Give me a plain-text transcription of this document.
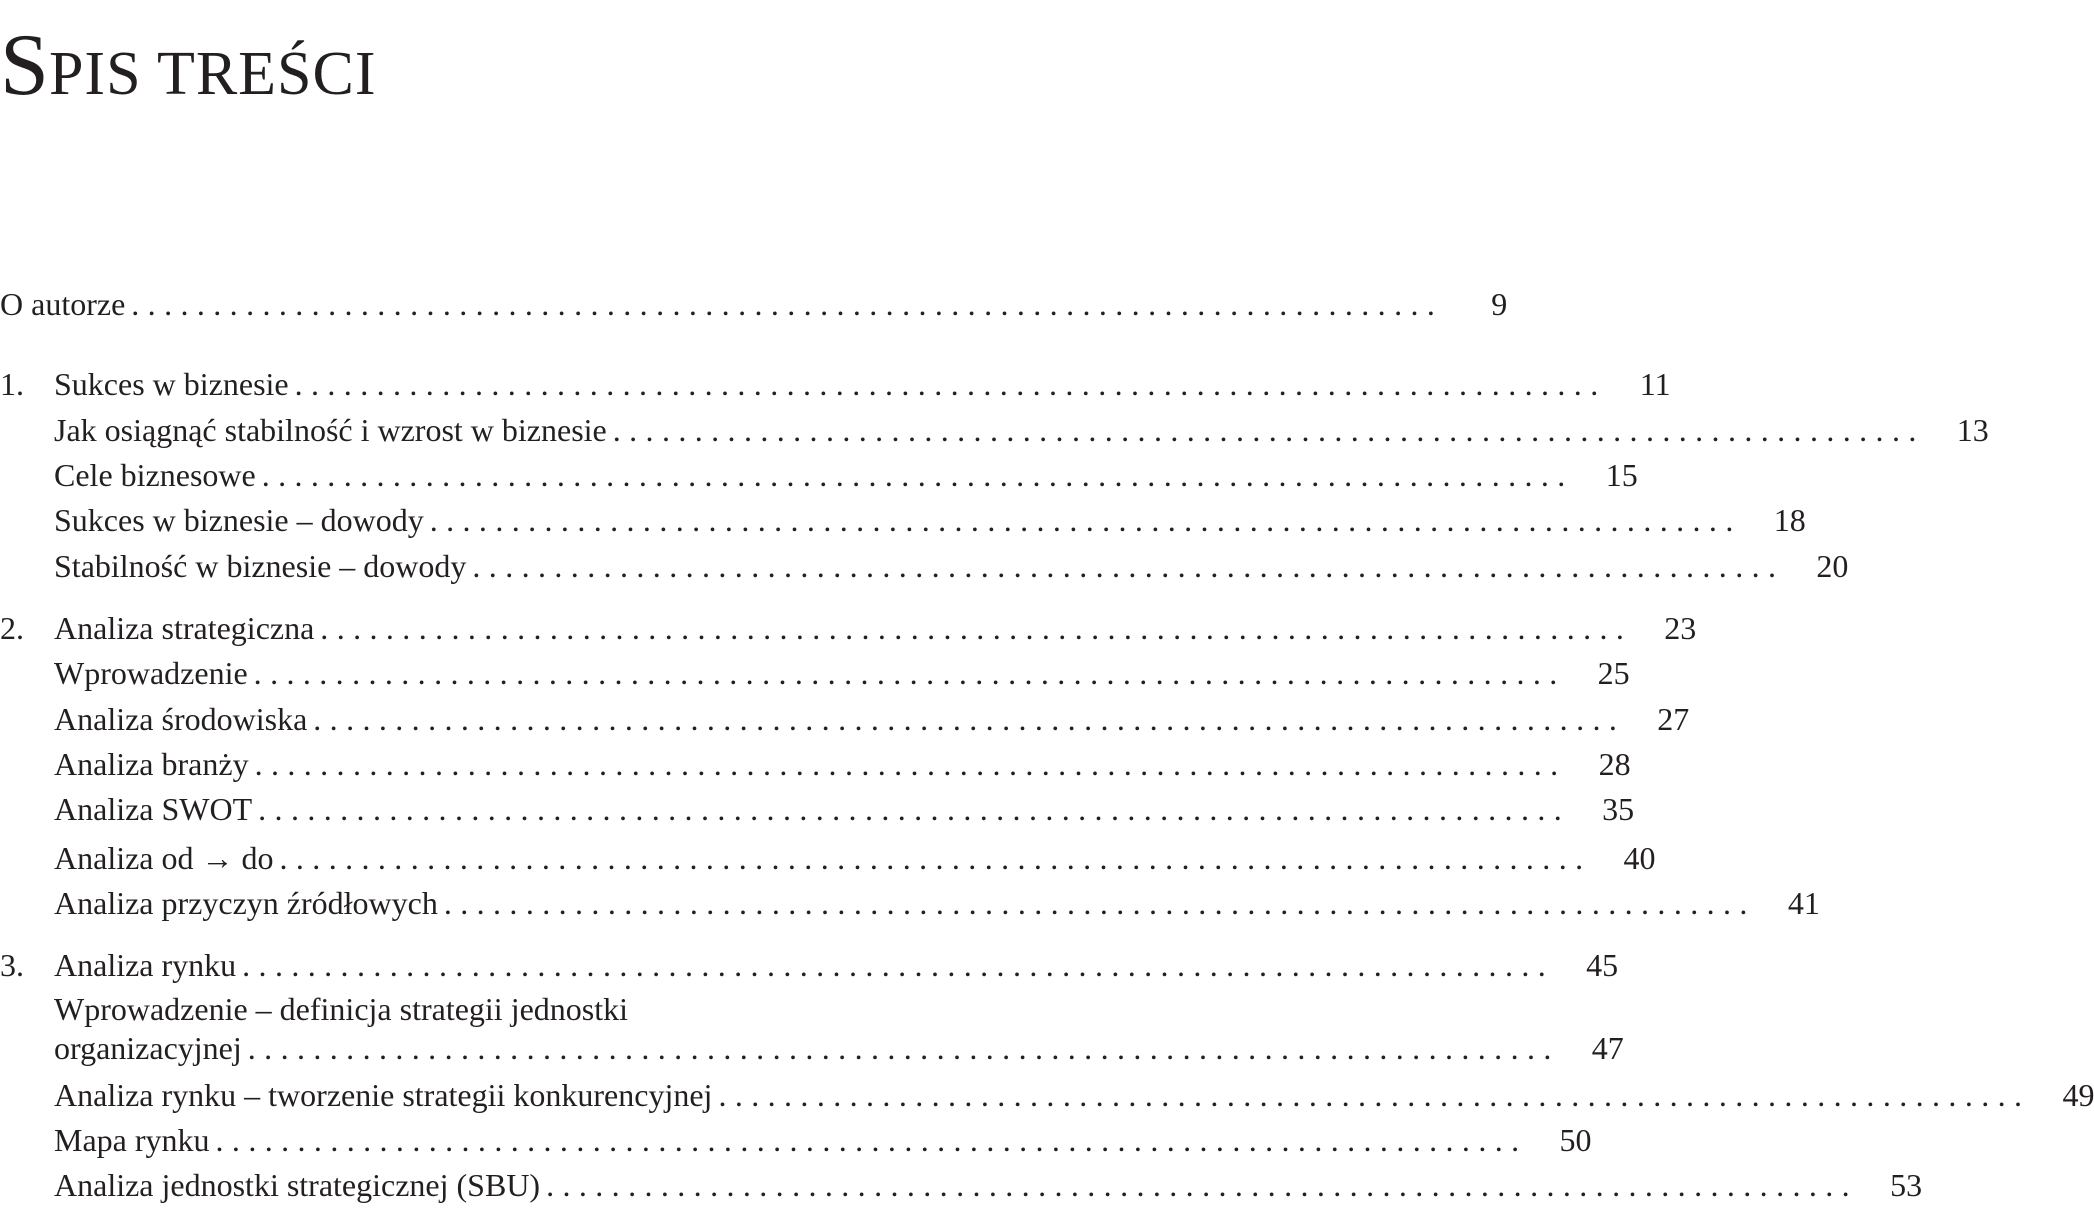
SPIS TREŚCI
O autorze ................................................................................	9
1. Sukces w biznesie ................................................................................	11
Jak osiągnąć stabilność i wzrost w biznesie ................................................................................	13
Cele biznesowe ................................................................................	15
Sukces w biznesie – dowody ................................................................................	18
Stabilność w biznesie – dowody ................................................................................	20
2. Analiza strategiczna ................................................................................	23
Wprowadzenie ................................................................................	25
Analiza środowiska ................................................................................	27
Analiza branży ................................................................................	28
Analiza SWOT ................................................................................	35
Analiza od → do ................................................................................	40
Analiza przyczyn źródłowych ................................................................................	41
3. Analiza rynku ................................................................................	45
Wprowadzenie – definicja strategii jednostki
organizacyjnej ................................................................................	47
Analiza rynku – tworzenie strategii konkurencyjnej ................................................................................	49
Mapa rynku ................................................................................	50
Analiza jednostki strategicznej (SBU) ................................................................................	53
